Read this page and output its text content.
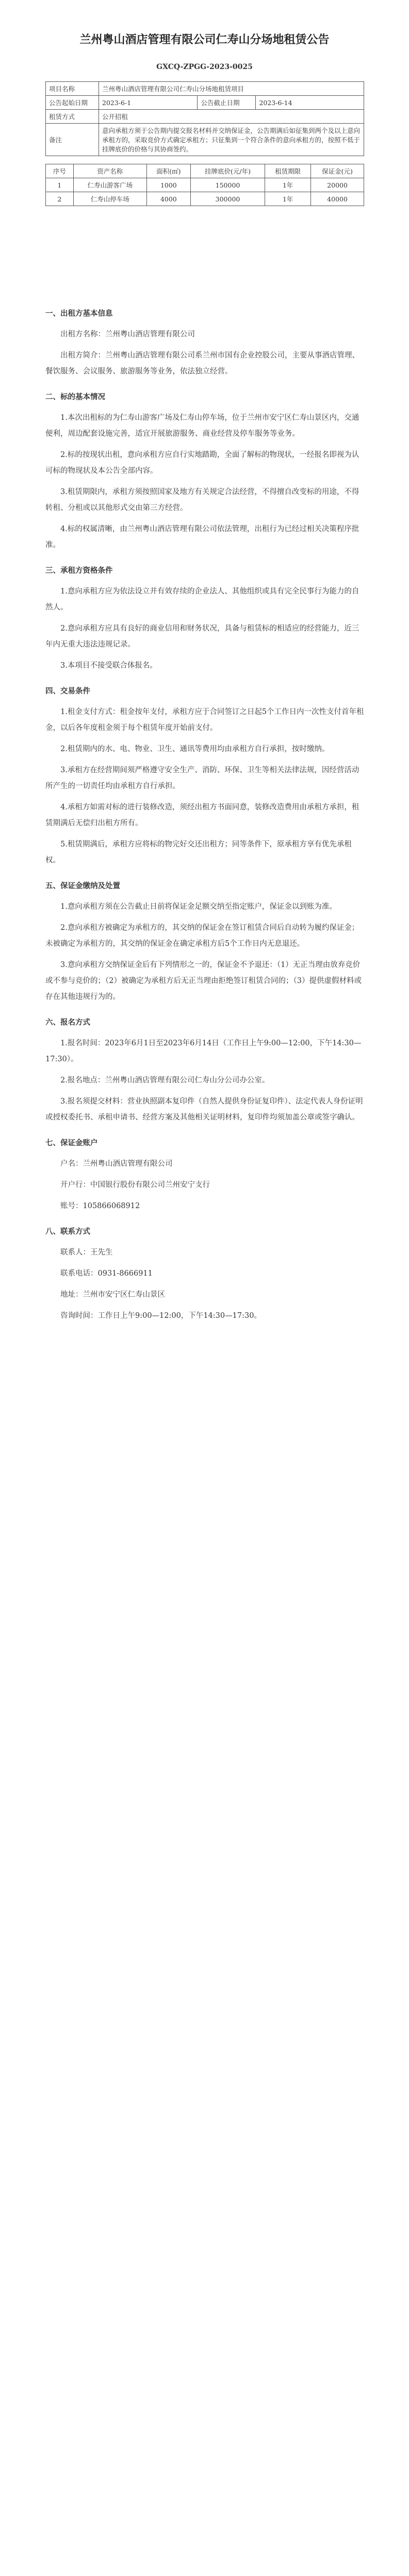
兰州粤山酒店管理有限公司仁寿山分场地租赁公告
GXCQ-ZPGG-2023-0025
项目名称	兰州粤山酒店管理有限公司仁寿山分场地租赁项目		
公告起始日期	2023-6-1	公告截止日期	2023-6-14
租赁方式	公开招租		
备注	意向承租方须于公告期内提交报名材料并交纳保证金，公告期满后如征集到两个及以上意向承租方的，采取竞价方式确定承租方；只征集到一个符合条件的意向承租方的，按照不低于挂牌底价的价格与其协商签约。		
序号	资产名称	面积(㎡)	挂牌底价(元/年)	租赁期限	保证金(元)
1	仁寿山游客广场	1000	150000	1年	20000
2	仁寿山停车场	4000	300000	1年	40000

一、出租方基本信息

出租方名称：兰州粤山酒店管理有限公司

出租方简介：兰州粤山酒店管理有限公司系兰州市国有企业控股公司，主要从事酒店管理、餐饮服务、会议服务、旅游服务等业务，依法独立经营。

二、标的基本情况

1.本次出租标的为仁寿山游客广场及仁寿山停车场，位于兰州市安宁区仁寿山景区内，交通便利，周边配套设施完善，适宜开展旅游服务、商业经营及停车服务等业务。

2.标的按现状出租，意向承租方应自行实地踏勘，全面了解标的物现状，一经报名即视为认可标的物现状及本公告全部内容。

3.租赁期限内，承租方须按照国家及地方有关规定合法经营，不得擅自改变标的用途，不得转租、分租或以其他形式交由第三方经营。

4.标的权属清晰，由兰州粤山酒店管理有限公司依法管理，出租行为已经过相关决策程序批准。

三、承租方资格条件

1.意向承租方应为依法设立并有效存续的企业法人、其他组织或具有完全民事行为能力的自然人。

2.意向承租方应具有良好的商业信用和财务状况，具备与租赁标的相适应的经营能力，近三年内无重大违法违规记录。

3.本项目不接受联合体报名。

四、交易条件

1.租金支付方式：租金按年支付，承租方应于合同签订之日起5个工作日内一次性支付首年租金，以后各年度租金须于每个租赁年度开始前支付。

2.租赁期内的水、电、物业、卫生、通讯等费用均由承租方自行承担，按时缴纳。

3.承租方在经营期间须严格遵守安全生产、消防、环保、卫生等相关法律法规，因经营活动所产生的一切责任均由承租方自行承担。

4.承租方如需对标的进行装修改造，须经出租方书面同意，装修改造费用由承租方承担，租赁期满后无偿归出租方所有。

5.租赁期满后，承租方应将标的物完好交还出租方；同等条件下，原承租方享有优先承租权。

五、保证金缴纳及处置

1.意向承租方须在公告截止日前将保证金足额交纳至指定账户，保证金以到账为准。

2.意向承租方被确定为承租方的，其交纳的保证金在签订租赁合同后自动转为履约保证金；未被确定为承租方的，其交纳的保证金在确定承租方后5个工作日内无息退还。

3.意向承租方交纳保证金后有下列情形之一的，保证金不予退还：（1）无正当理由放弃竞价或不参与竞价的；（2）被确定为承租方后无正当理由拒绝签订租赁合同的；（3）提供虚假材料或存在其他违规行为的。

六、报名方式

1.报名时间：2023年6月1日至2023年6月14日（工作日上午9:00—12:00，下午14:30—17:30）。

2.报名地点：兰州粤山酒店管理有限公司仁寿山分公司办公室。

3.报名须提交材料：营业执照副本复印件（自然人提供身份证复印件）、法定代表人身份证明或授权委托书、承租申请书、经营方案及其他相关证明材料，复印件均须加盖公章或签字确认。

七、保证金账户

户名：兰州粤山酒店管理有限公司

开户行：中国银行股份有限公司兰州安宁支行

账号：105866068912

八、联系方式

联系人：王先生

联系电话：0931-8666911

地址：兰州市安宁区仁寿山景区

咨询时间：工作日上午9:00—12:00，下午14:30—17:30。
